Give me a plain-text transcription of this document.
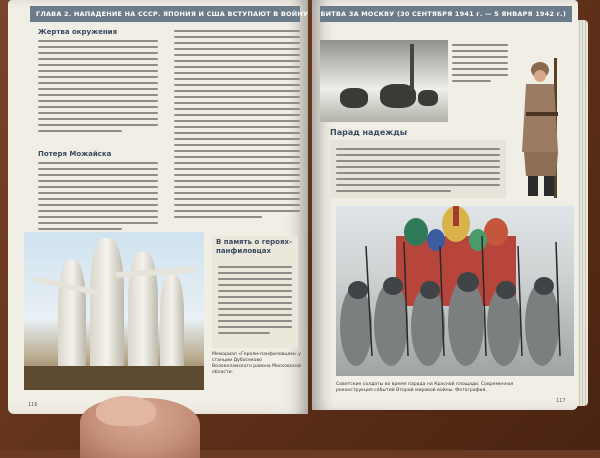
ГЛАВА 2. НАПАДЕНИЕ НА СССР. ЯПОНИЯ И США ВСТУПАЮТ В ВОЙНУ
Жертва окружения
Потеря Можайска
В память о героях-панфиловцах
Мемориал «Героям-панфиловцам» у станции Дубосеково Волоколамского района Московской области.
116
БИТВА ЗА МОСКВУ (30 СЕНТЯБРЯ 1941 г. — 5 ЯНВАРЯ 1942 г.)
Парад надежды
Советские солдаты во время парада на Красной площади. Современная реконструкция событий Второй мировой войны. Фотография.
117
